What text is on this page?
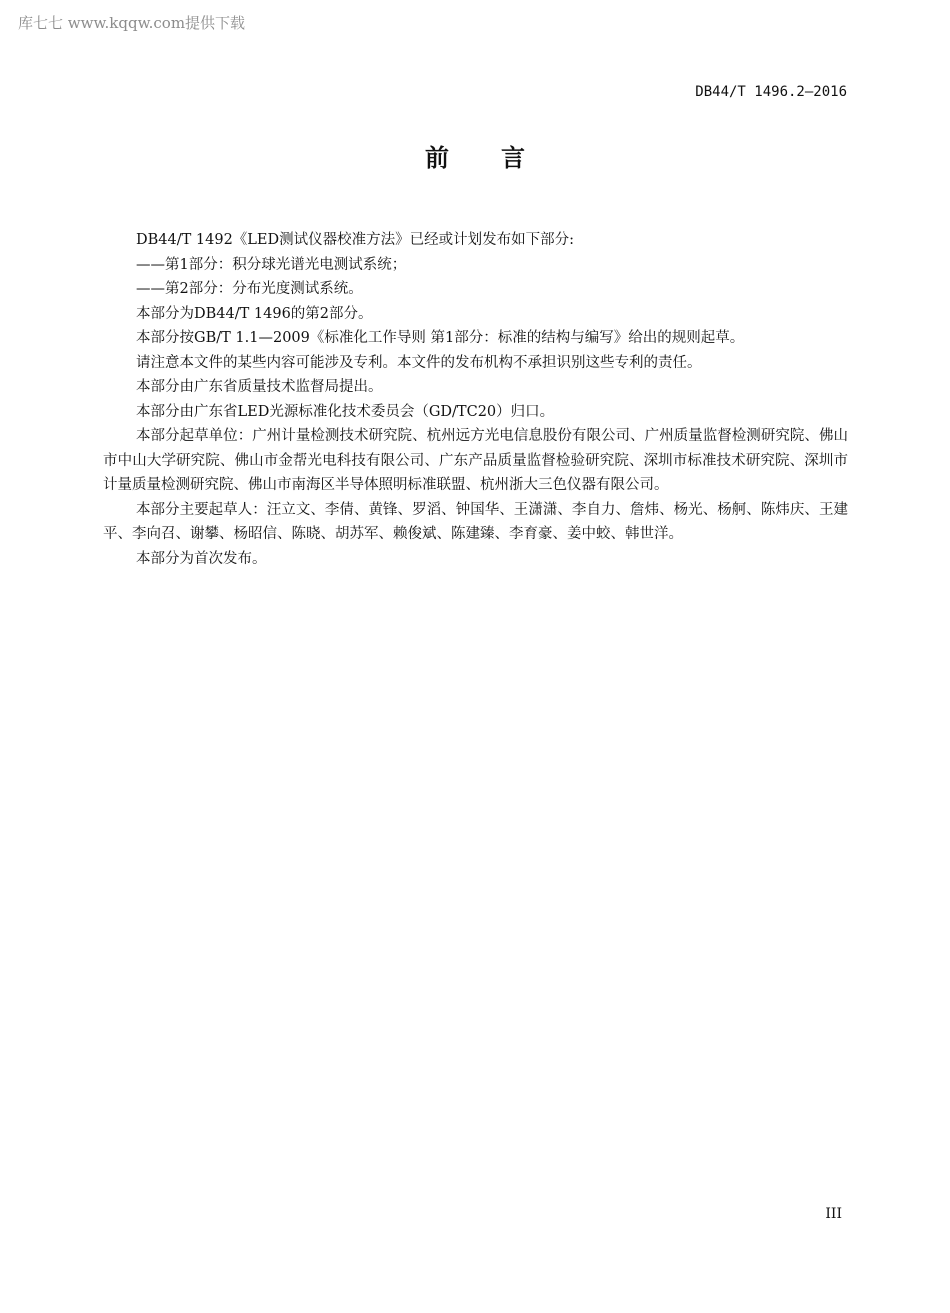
库七七 www.kqqw.com提供下载
DB44/T 1496.2—2016
前言

DB44/T 1492《LED测试仪器校准方法》已经或计划发布如下部分:

——第1部分：积分球光谱光电测试系统；

——第2部分：分布光度测试系统。

本部分为DB44/T 1496的第2部分。

本部分按GB/T 1.1—2009《标准化工作导则 第1部分：标准的结构与编写》给出的规则起草。

请注意本文件的某些内容可能涉及专利。本文件的发布机构不承担识别这些专利的责任。

本部分由广东省质量技术监督局提出。

本部分由广东省LED光源标准化技术委员会（GD/TC20）归口。

本部分起草单位：广州计量检测技术研究院、杭州远方光电信息股份有限公司、广州质量监督检测研究院、佛山市中山大学研究院、佛山市金帮光电科技有限公司、广东产品质量监督检验研究院、深圳市标准技术研究院、深圳市计量质量检测研究院、佛山市南海区半导体照明标准联盟、杭州浙大三色仪器有限公司。

本部分主要起草人：汪立文、李倩、黄锋、罗滔、钟国华、王潇潇、李自力、詹炜、杨光、杨舸、陈炜庆、王建平、李向召、谢攀、杨昭信、陈晓、胡苏军、赖俊斌、陈建臻、李育豪、姜中蛟、韩世洋。

本部分为首次发布。

III
